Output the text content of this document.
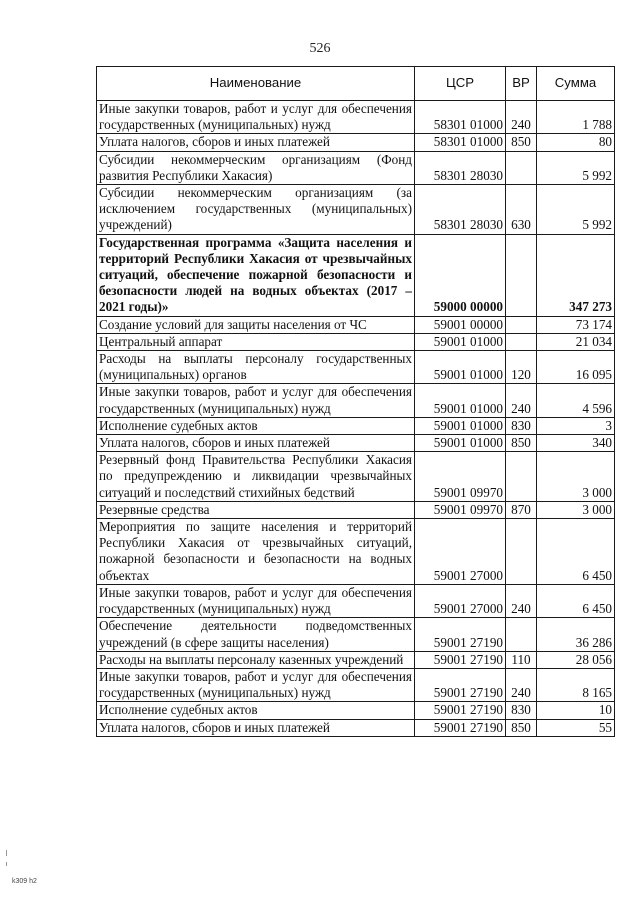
526
Наименование	ЦСР	ВР	Сумма
Иные закупки товаров, работ и услуг для обеспечения государственных (муниципальных) нужд	58301 01000	240	1 788
Уплата налогов, сборов и иных платежей	58301 01000	850	80
Субсидии некоммерческим организациям (Фонд развития Республики Хакасия)	58301 28030		5 992
Субсидии некоммерческим организациям (за исключением государственных (муниципальных) учреждений)	58301 28030	630	5 992
Государственная программа «Защита населения и территорий Республики Хакасия от чрезвычайных ситуаций, обеспечение пожарной безопасности и безопасности людей на водных объектах (2017 – 2021 годы)»	59000 00000		347 273
Создание условий для защиты населения от ЧС	59001 00000		73 174
Центральный аппарат	59001 01000		21 034
Расходы на выплаты персоналу государственных (муниципальных) органов	59001 01000	120	16 095
Иные закупки товаров, работ и услуг для обеспечения государственных (муниципальных) нужд	59001 01000	240	4 596
Исполнение судебных актов	59001 01000	830	3
Уплата налогов, сборов и иных платежей	59001 01000	850	340
Резервный фонд Правительства Республики Хакасия по предупреждению и ликвидации чрезвычайных ситуаций и последствий стихийных бедствий	59001 09970		3 000
Резервные средства	59001 09970	870	3 000
Мероприятия по защите населения и территорий Республики Хакасия от чрезвычайных ситуаций, пожарной безопасности и безопасности на водных объектах	59001 27000		6 450
Иные закупки товаров, работ и услуг для обеспечения государственных (муниципальных) нужд	59001 27000	240	6 450
Обеспечение деятельности подведомственных учреждений (в сфере защиты населения)	59001 27190		36 286
Расходы на выплаты персоналу казенных учреждений	59001 27190	110	28 056
Иные закупки товаров, работ и услуг для обеспечения государственных (муниципальных) нужд	59001 27190	240	8 165
Исполнение судебных актов	59001 27190	830	10
Уплата налогов, сборов и иных платежей	59001 27190	850	55
k309 h2
